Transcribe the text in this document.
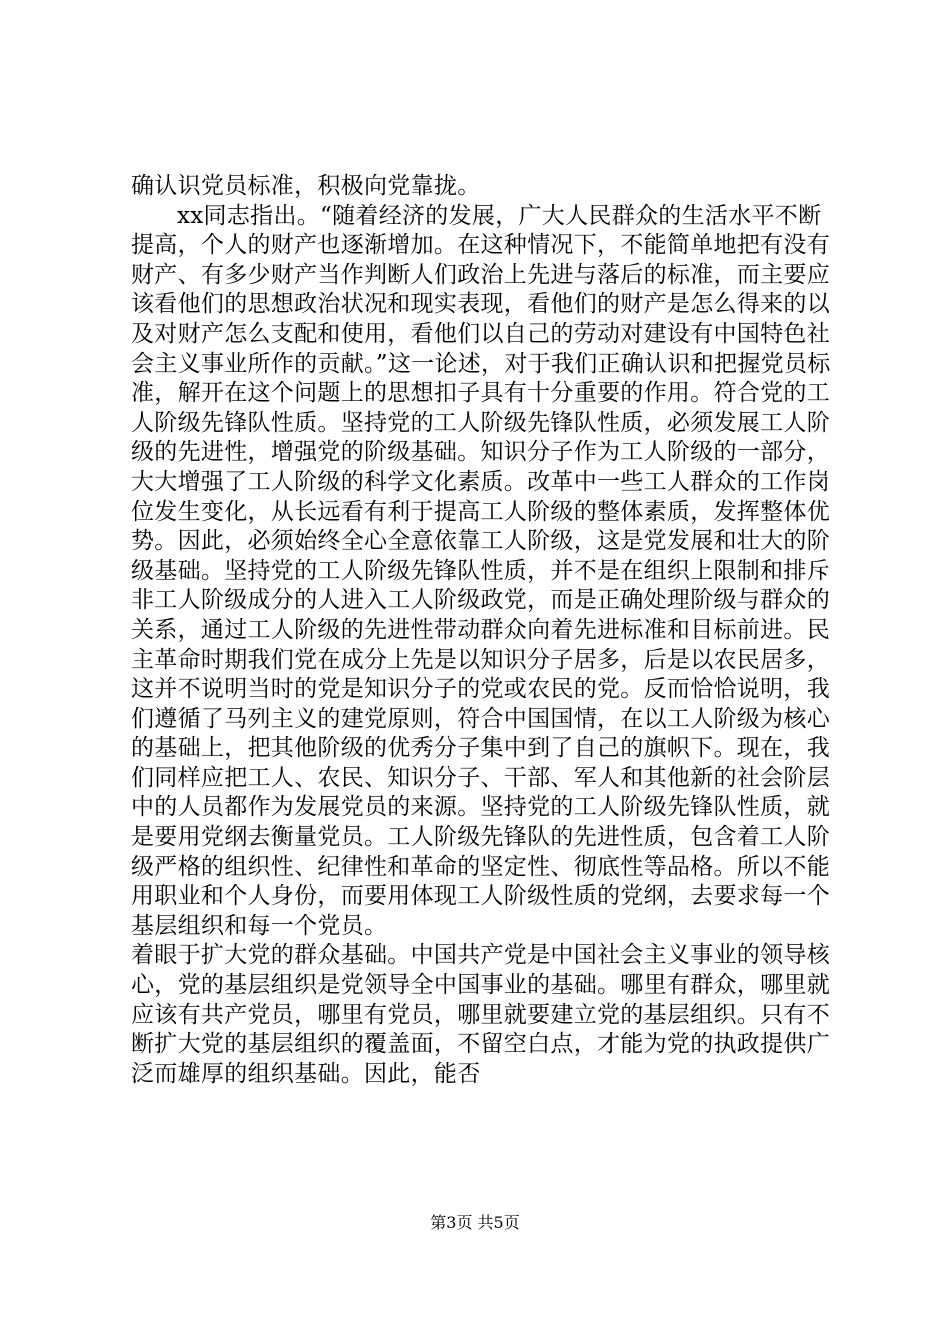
确认识党员标准，积极向党靠拢。

xx同志指出。“随着经济的发展，广大人民群众的生活水平不断提高，个人的财产也逐渐增加。在这种情况下，不能简单地把有没有财产、有多少财产当作判断人们政治上先进与落后的标准，而主要应该看他们的思想政治状况和现实表现，看他们的财产是怎么得来的以及对财产怎么支配和使用，看他们以自己的劳动对建设有中国特色社会主义事业所作的贡献。”这一论述，对于我们正确认识和把握党员标准，解开在这个问题上的思想扣子具有十分重要的作用。符合党的工人阶级先锋队性质。坚持党的工人阶级先锋队性质，必须发展工人阶级的先进性，增强党的阶级基础。知识分子作为工人阶级的一部分，大大增强了工人阶级的科学文化素质。改革中一些工人群众的工作岗位发生变化，从长远看有利于提高工人阶级的整体素质，发挥整体优势。因此，必须始终全心全意依靠工人阶级，这是党发展和壮大的阶级基础。坚持党的工人阶级先锋队性质，并不是在组织上限制和排斥非工人阶级成分的人进入工人阶级政党，而是正确处理阶级与群众的关系，通过工人阶级的先进性带动群众向着先进标准和目标前进。民主革命时期我们党在成分上先是以知识分子居多，后是以农民居多，这并不说明当时的党是知识分子的党或农民的党。反而恰恰说明，我们遵循了马列主义的建党原则，符合中国国情，在以工人阶级为核心的基础上，把其他阶级的优秀分子集中到了自己的旗帜下。现在，我们同样应把工人、农民、知识分子、干部、军人和其他新的社会阶层中的人员都作为发展党员的来源。坚持党的工人阶级先锋队性质，就是要用党纲去衡量党员。工人阶级先锋队的先进性质，包含着工人阶级严格的组织性、纪律性和革命的坚定性、彻底性等品格。所以不能用职业和个人身份，而要用体现工人阶级性质的党纲，去要求每一个基层组织和每一个党员。

着眼于扩大党的群众基础。中国共产党是中国社会主义事业的领导核心，党的基层组织是党领导全中国事业的基础。哪里有群众，哪里就应该有共产党员，哪里有党员，哪里就要建立党的基层组织。只有不断扩大党的基层组织的覆盖面，不留空白点，才能为党的执政提供广泛而雄厚的组织基础。因此，能否

第3页 共5页
